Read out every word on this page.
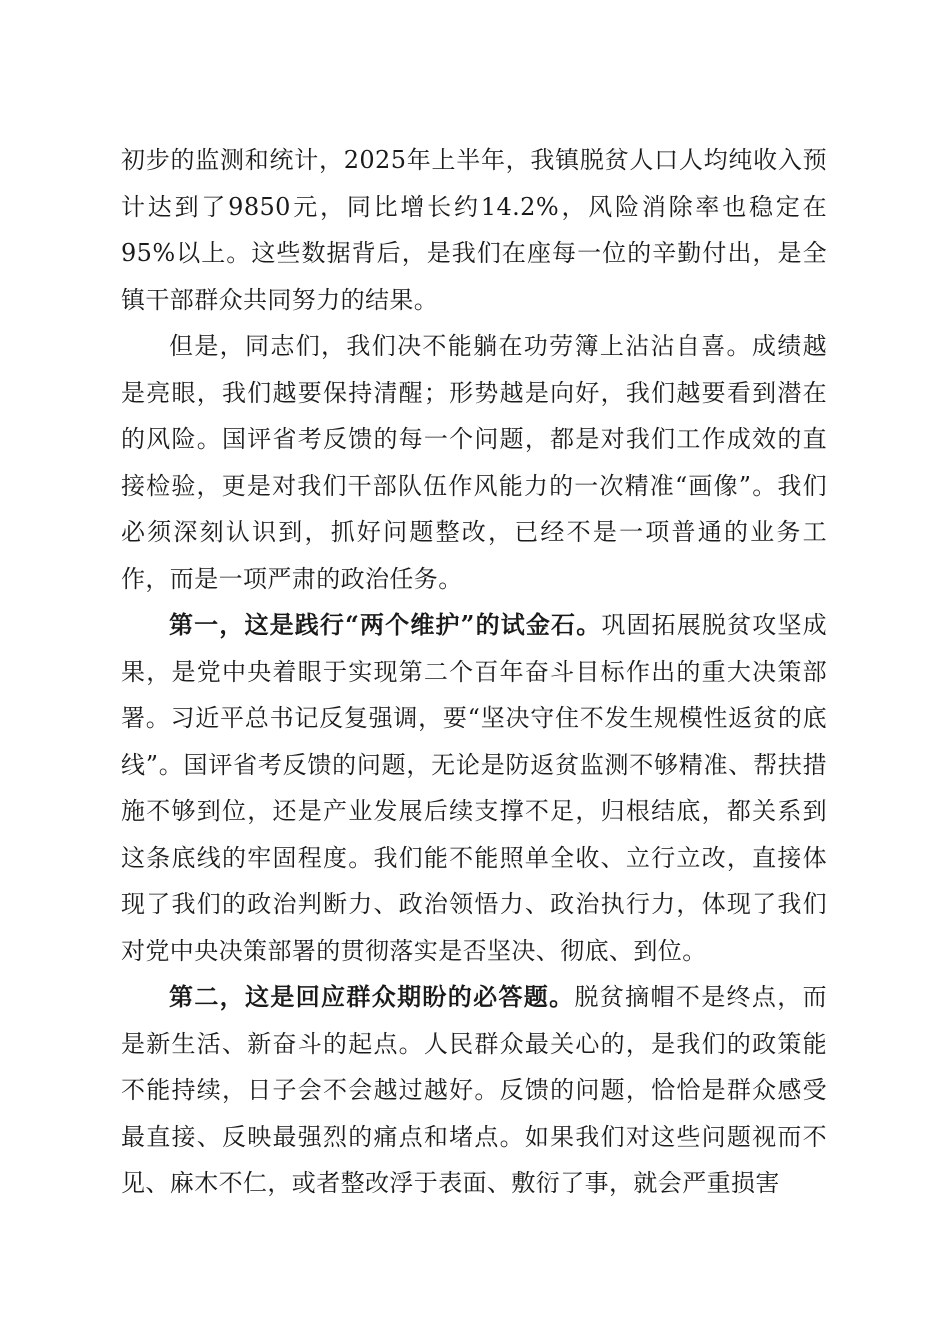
初步的监测和统计，2025年上半年，我镇脱贫人口人均纯收入预计达到了9850元，同比增长约14.2%，风险消除率也稳定在95%以上。这些数据背后，是我们在座每一位的辛勤付出，是全镇干部群众共同努力的结果。

但是，同志们，我们决不能躺在功劳簿上沾沾自喜。成绩越是亮眼，我们越要保持清醒；形势越是向好，我们越要看到潜在的风险。国评省考反馈的每一个问题，都是对我们工作成效的直接检验，更是对我们干部队伍作风能力的一次精准“画像”。我们必须深刻认识到，抓好问题整改，已经不是一项普通的业务工作，而是一项严肃的政治任务。

第一，这是践行“两个维护”的试金石。巩固拓展脱贫攻坚成果，是党中央着眼于实现第二个百年奋斗目标作出的重大决策部署。习近平总书记反复强调，要“坚决守住不发生规模性返贫的底线”。国评省考反馈的问题，无论是防返贫监测不够精准、帮扶措施不够到位，还是产业发展后续支撑不足，归根结底，都关系到这条底线的牢固程度。我们能不能照单全收、立行立改，直接体现了我们的政治判断力、政治领悟力、政治执行力，体现了我们对党中央决策部署的贯彻落实是否坚决、彻底、到位。

第二，这是回应群众期盼的必答题。脱贫摘帽不是终点，而是新生活、新奋斗的起点。人民群众最关心的，是我们的政策能不能持续，日子会不会越过越好。反馈的问题，恰恰是群众感受最直接、反映最强烈的痛点和堵点。如果我们对这些问题视而不见、麻木不仁，或者整改浮于表面、敷衍了事，就会严重损害
